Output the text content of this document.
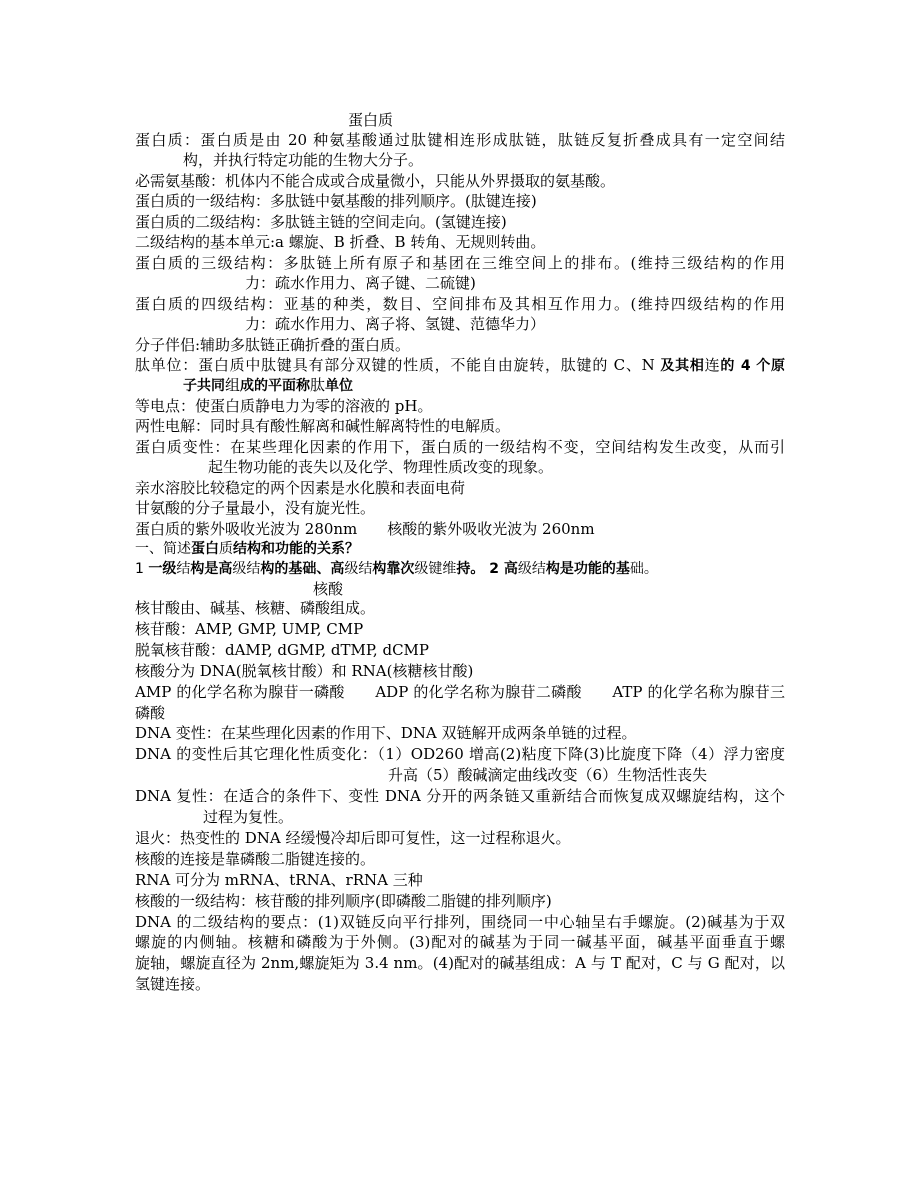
蛋白质
核酸
蛋白质：蛋白质是由 20 种氨基酸通过肽键相连形成肽链，肽链反复折叠成具有一定空间结
构，并执行特定功能的生物大分子。
必需氨基酸：机体内不能合成或合成量微小，只能从外界摄取的氨基酸。
蛋白质的一级结构：多肽链中氨基酸的排列顺序。(肽键连接)
蛋白质的二级结构：多肽链主链的空间走向。(氢键连接)
二级结构的基本单元:a 螺旋、B 折叠、B 转角、无规则转曲。
蛋白质的三级结构：多肽链上所有原子和基团在三维空间上的排布。(维持三级结构的作用
力：疏水作用力、离子键、二硫键)
蛋白质的四级结构：亚基的种类，数目、空间排布及其相互作用力。(维持四级结构的作用
力：疏水作用力、离子将、氢键、范德华力）
分子伴侣:辅助多肽链正确折叠的蛋白质。
肽单位：蛋白质中肽键具有部分双键的性质，不能自由旋转，肽键的 C、N 及其相连的 4 个原
子共同组成的平面称肽单位
等电点：使蛋白质静电力为零的溶液的 pH。
两性电解：同时具有酸性解离和碱性解离特性的电解质。
蛋白质变性：在某些理化因素的作用下，蛋白质的一级结构不变，空间结构发生改变，从而引
起生物功能的丧失以及化学、物理性质改变的现象。
亲水溶胶比较稳定的两个因素是水化膜和表面电荷
甘氨酸的分子量最小，没有旋光性。
蛋白质的紫外吸收光波为 280nm　　核酸的紫外吸收光波为 260nm
一、简述蛋白质结构和功能的关系？
1 一级结构是高级结构的基础、高级结构靠次级键维持。 2 高级结构是功能的基础。
核甘酸由、碱基、核糖、磷酸组成。
核苷酸：AMP, GMP, UMP, CMP
脱氧核苷酸：dAMP, dGMP, dTMP, dCMP
核酸分为 DNA(脱氧核甘酸）和 RNA(核糖核甘酸)
AMP 的化学名称为腺苷一磷酸　　ADP 的化学名称为腺苷二磷酸　　ATP 的化学名称为腺苷三
磷酸
DNA 变性：在某些理化因素的作用下、DNA 双链解开成两条单链的过程。
DNA 的变性后其它理化性质变化：（1）OD260 增高(2)粘度下降(3)比旋度下降（4）浮力密度
升高（5）酸碱滴定曲线改变（6）生物活性丧失
DNA 复性：在适合的条件下、变性 DNA 分开的两条链又重新结合而恢复成双螺旋结构，这个
过程为复性。
退火：热变性的 DNA 经缓慢冷却后即可复性，这一过程称退火。
核酸的连接是靠磷酸二脂键连接的。
RNA 可分为 mRNA、tRNA、rRNA 三种
核酸的一级结构：核苷酸的排列顺序(即磷酸二脂键的排列顺序)
DNA 的二级结构的要点：(1)双链反向平行排列，围绕同一中心轴呈右手螺旋。(2)碱基为于双
螺旋的内侧轴。核糖和磷酸为于外侧。(3)配对的碱基为于同一碱基平面，碱基平面垂直于螺
旋轴，螺旋直径为 2nm,螺旋矩为 3.4 nm。(4)配对的碱基组成：A 与 T 配对，C 与 G 配对，以
氢键连接。
